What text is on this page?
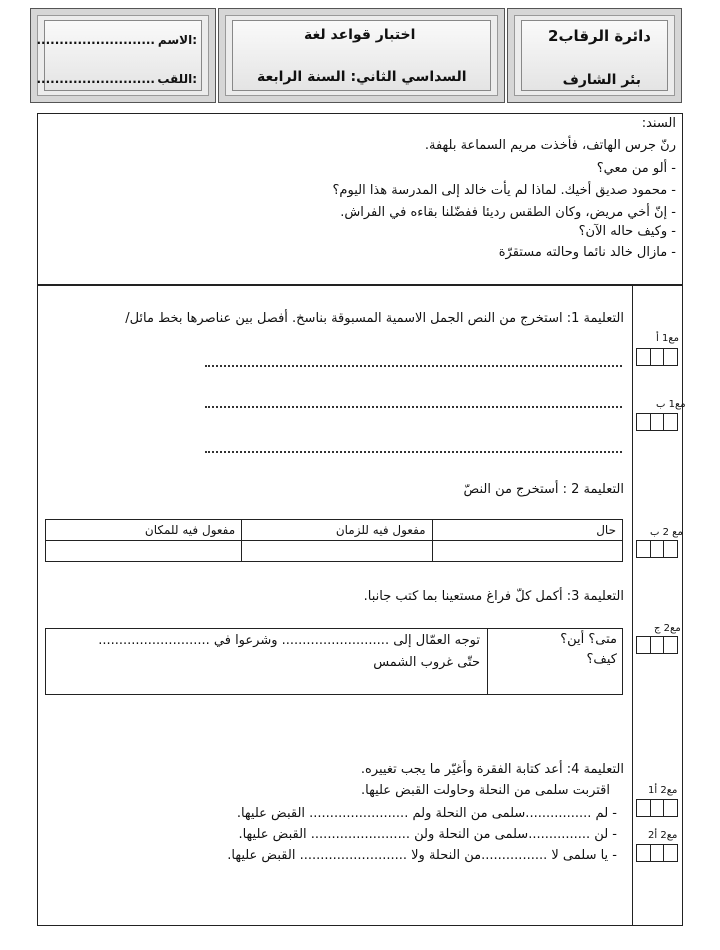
الاسم:
..........................
اللقب:
..........................
اختبار قواعد لغة
السداسي الثاني: السنة الرابعة
دائرة الرقاب2
بئر الشارف
السند:
رنّ جرس الهاتف، فأخذت مريم السماعة بلهفة.
- ألو من معي؟
- محمود صديق أخيك. لماذا لم يأت خالد إلى المدرسة هذا اليوم؟
- إنّ أخي مريض، وكان الطقس رديئا ففضّلنا بقاءه في الفراش.
- وكيف حاله الآن؟
- مازال خالد نائما وحالته مستقرّة
التعليمة 1: استخرج من النص الجمل الاسمية المسبوقة بناسخ. أفصل بين عناصرها بخط مائل/
مع1 أ
مع1 ب
التعليمة 2 : أستخرج من النصّ
حال	مفعول فيه للزمان	مفعول فيه للمكان
			مع 2 ب
التعليمة 3: أكمل كلّ فراغ مستعينا بما كتب جانبا.
متى؟ أين؟
كيف؟
توجه العمّال إلى .......................... وشرعوا في ...........................
حتّى غروب الشمس
مع2 ج
التعليمة 4: أعد كتابة الفقرة وأغيّر ما يجب تغييره.
اقتربت سلمى من النحلة وحاولت القبض عليها.
- لم ................سلمى من النحلة ولم ........................ القبض عليها.
- لن ...............سلمى من النحلة ولن ........................ القبض عليها.
- يا سلمى لا ................من النحلة ولا .......................... القبض عليها.
مع2 أ1
مع2 أ2
